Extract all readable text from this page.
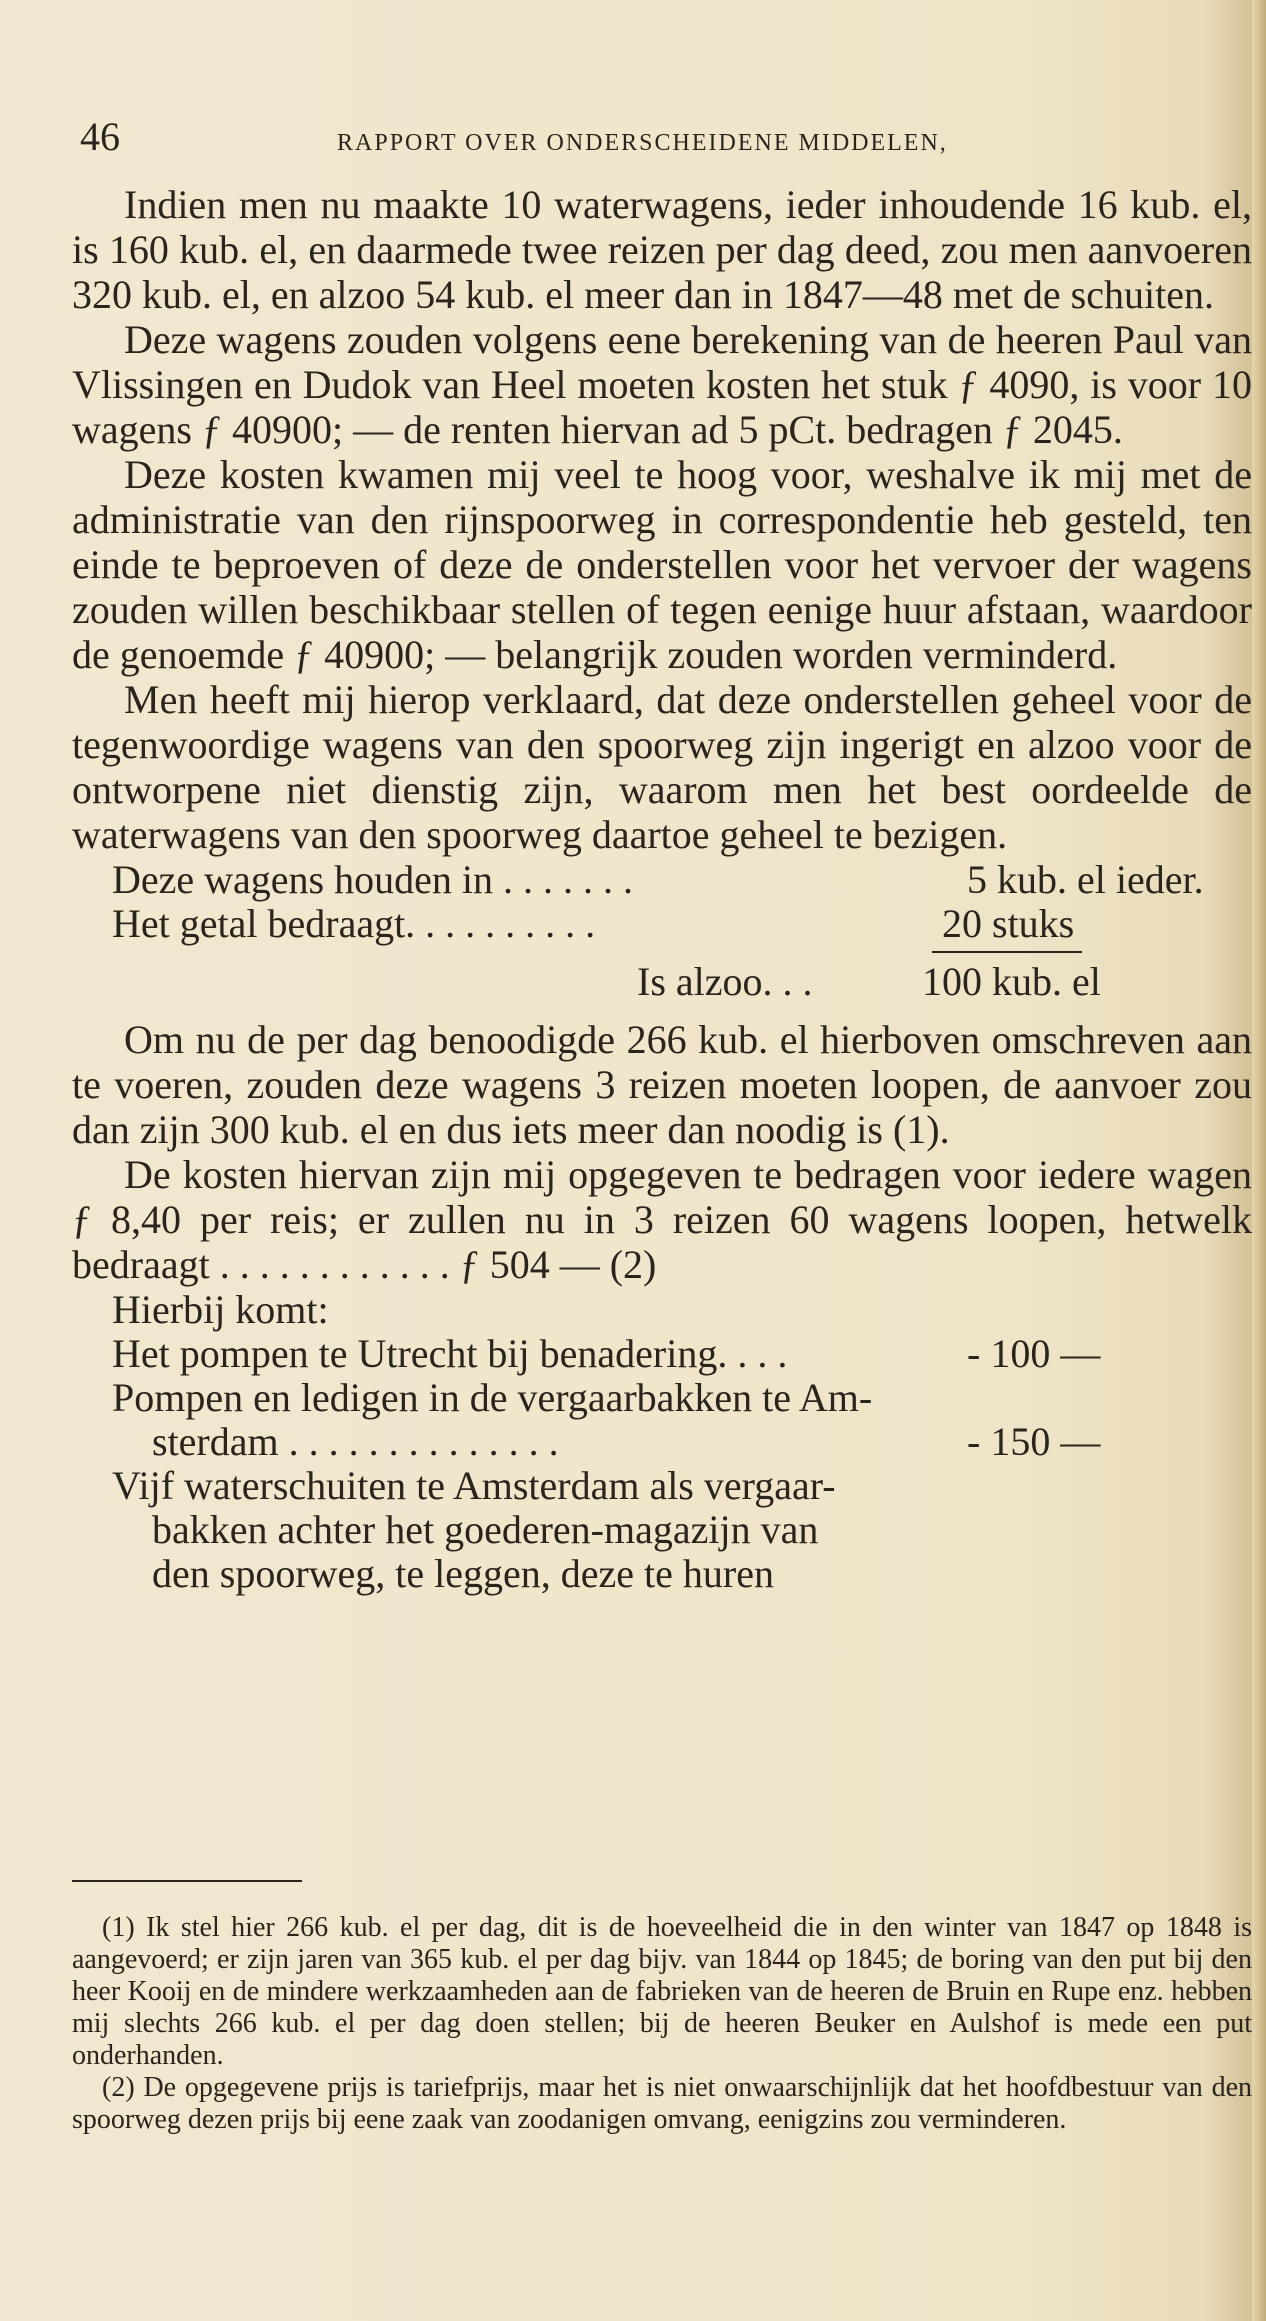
46	RAPPORT OVER ONDERSCHEIDENE MIDDELEN,

Indien men nu maakte 10 waterwagens, ieder inhoudende 16 kub. el, is 160 kub. el, en daarmede twee reizen per dag deed, zou men aanvoeren 320 kub. el, en alzoo 54 kub. el meer dan in 1847—48 met de schuiten.

Deze wagens zouden volgens eene berekening van de heeren Paul van Vlissingen en Dudok van Heel moeten kosten het stuk ƒ 4090, is voor 10 wagens ƒ 40900; — de renten hiervan ad 5 pCt. bedragen ƒ 2045.

Deze kosten kwamen mij veel te hoog voor, weshalve ik mij met de administratie van den rijnspoorweg in correspondentie heb gesteld, ten einde te beproeven of deze de onderstellen voor het vervoer der wagens zouden willen beschikbaar stellen of tegen eenige huur afstaan, waardoor de genoemde ƒ 40900; — belangrijk zouden worden verminderd.

Men heeft mij hierop verklaard, dat deze onderstellen geheel voor de tegenwoordige wagens van den spoorweg zijn ingerigt en alzoo voor de ontworpene niet dienstig zijn, waarom men het best oordeelde de waterwagens van den spoorweg daartoe geheel te bezigen.

Deze wagens houden in . . . . . . .	5 kub. el ieder.
Het getal bedraagt. . . . . . . . . .	20 stuks
Is alzoo. . .	100 kub. el

Om nu de per dag benoodigde 266 kub. el hierboven omschreven aan te voeren, zouden deze wagens 3 reizen moeten loopen, de aanvoer zou dan zijn 300 kub. el en dus iets meer dan noodig is (1).

De kosten hiervan zijn mij opgegeven te bedragen voor iedere wagen ƒ 8,40 per reis; er zullen nu in 3 reizen 60 wagens loopen, hetwelk bedraagt . . . . . . . . . . . . ƒ 504 — (2)

Hierbij komt:
Het pompen te Utrecht bij benadering. . . .	- 100 —
Pompen en ledigen in de vergaarbakken te Am-
sterdam . . . . . . . . . . . . . .	- 150 —
Vijf waterschuiten te Amsterdam als vergaar-
bakken achter het goederen-magazijn van
den spoorweg, te leggen, deze te huren

(1) Ik stel hier 266 kub. el per dag, dit is de hoeveelheid die in den winter van 1847 op 1848 is aangevoerd; er zijn jaren van 365 kub. el per dag bijv. van 1844 op 1845; de boring van den put bij den heer Kooij en de mindere werkzaamheden aan de fabrieken van de heeren de Bruin en Rupe enz. hebben mij slechts 266 kub. el per dag doen stellen; bij de heeren Beuker en Aulshof is mede een put onderhanden.

(2) De opgegevene prijs is tariefprijs, maar het is niet onwaarschijnlijk dat het hoofdbestuur van den spoorweg dezen prijs bij eene zaak van zoodanigen omvang, eenigzins zou verminderen.
